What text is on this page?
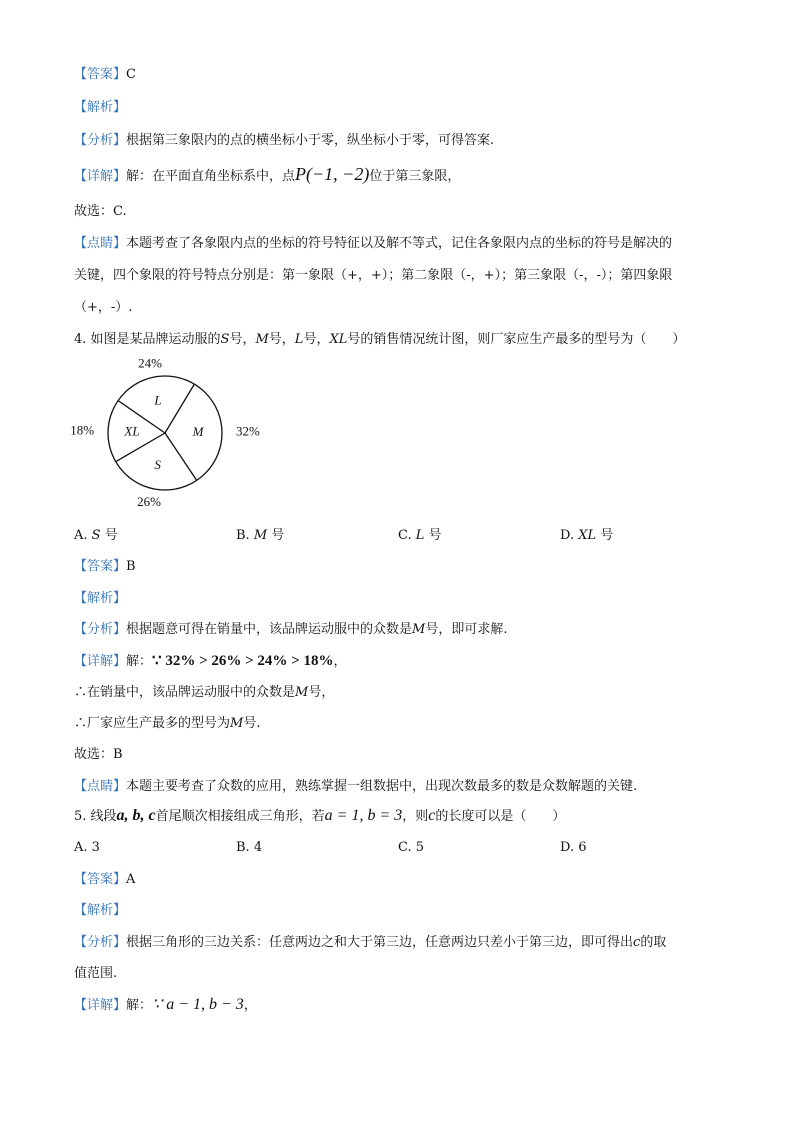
【答案】C
【解析】
【分析】根据第三象限内的点的横坐标小于零，纵坐标小于零，可得答案.
【详解】解：在平面直角坐标系中，点P(−1, −2)位于第三象限，
故选：C.
【点睛】本题考查了各象限内点的坐标的符号特征以及解不等式，记住各象限内点的坐标的符号是解决的
关键，四个象限的符号特点分别是：第一象限（+，+）；第二象限（-，+）；第三象限（-，-）；第四象限
（+，-）.
4. 如图是某品牌运动服的S号，M号，L号，XL号的销售情况统计图，则厂家应生产最多的型号为（　　）
M	32%
S
26%
XL
18%
L
24%
A. S 号	B. M 号	C. L 号	D. XL 号
【答案】B
【解析】
【分析】根据题意可得在销量中，该品牌运动服中的众数是M号，即可求解.
【详解】解：∵ 32% > 26% > 24% > 18%，
∴在销量中，该品牌运动服中的众数是M号，
∴厂家应生产最多的型号为M号.
故选：B
【点睛】本题主要考查了众数的应用，熟练掌握一组数据中，出现次数最多的数是众数解题的关键.
5. 线段a, b, c首尾顺次相接组成三角形，若a = 1, b = 3，则c的长度可以是（　　）
A. 3	B. 4	C. 5	D. 6
【答案】A
【解析】
【分析】根据三角形的三边关系：任意两边之和大于第三边，任意两边只差小于第三边，即可得出c的取
值范围.
【详解】解：∵ a − 1, b − 3，
